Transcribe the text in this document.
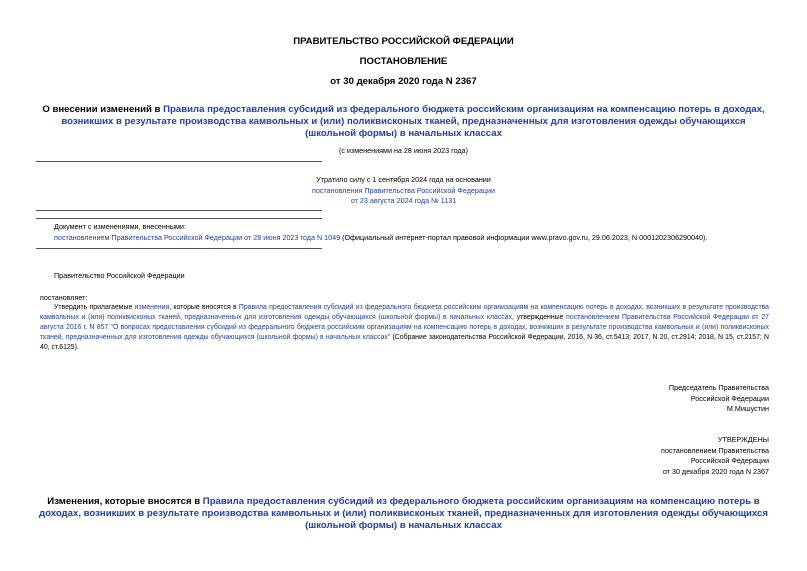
ПРАВИТЕЛЬСТВО РОССИЙСКОЙ ФЕДЕРАЦИИ
ПОСТАНОВЛЕНИЕ
от 30 декабря 2020 года N 2367
О внесении изменений в Правила предоставления субсидий из федерального бюджета российским организациям на компенсацию потерь в доходах, возникших в результате производства камвольных и (или) поликвисконых тканей, предназначенных для изготовления одежды обучающихся (школьной формы) в начальных классах
(с изменениями на 28 июня 2023 года)
Утратило силу с 1 сентября 2024 года на основании
постановления Правительства Российской Федерации
от 23 августа 2024 года № 1131
Документ с изменениями, внесенными:
постановлением Правительства Российской Федерации от 28 июня 2023 года N 1049 (Официальный интернет-портал правовой информации www.pravo.gov.ru, 29.06.2023, N 0001202306290040).
Правительство Российской Федерации
постановляет:
Утвердить прилагаемые изменения, которые вносятся в Правила предоставления субсидий из федерального бюджета российским организациям на компенсацию потерь в доходах, возникших в результате производства камвольных и (или) поликвисконых тканей, предназначенных для изготовления одежды обучающихся (школьной формы) в начальных классах, утвержденные постановлением Правительства Российской Федерации от 27 августа 2016 г. N 857 "О вопросах предоставления субсидий из федерального бюджета российским организациям на компенсацию потерь в доходах, возникших в результате производства камвольных и (или) поликвисконых тканей, предназначенных для изготовления одежды обучающихся (школьной формы) в начальных классах" (Собрание законодательства Российской Федерации, 2016, N 36, ст.5413; 2017, N 20, ст.2914; 2018, N 15, ст.2157; N 40, ст.6125).
Председатель Правительства
Российской Федерации
М.Мишустин
УТВЕРЖДЕНЫ
постановлением Правительства
Российской Федерации
от 30 декабря 2020 года N 2367
Изменения, которые вносятся в Правила предоставления субсидий из федерального бюджета российским организациям на компенсацию потерь в доходах, возникших в результате производства камвольных и (или) поликвисконых тканей, предназначенных для изготовления одежды обучающихся (школьной формы) в начальных классах
